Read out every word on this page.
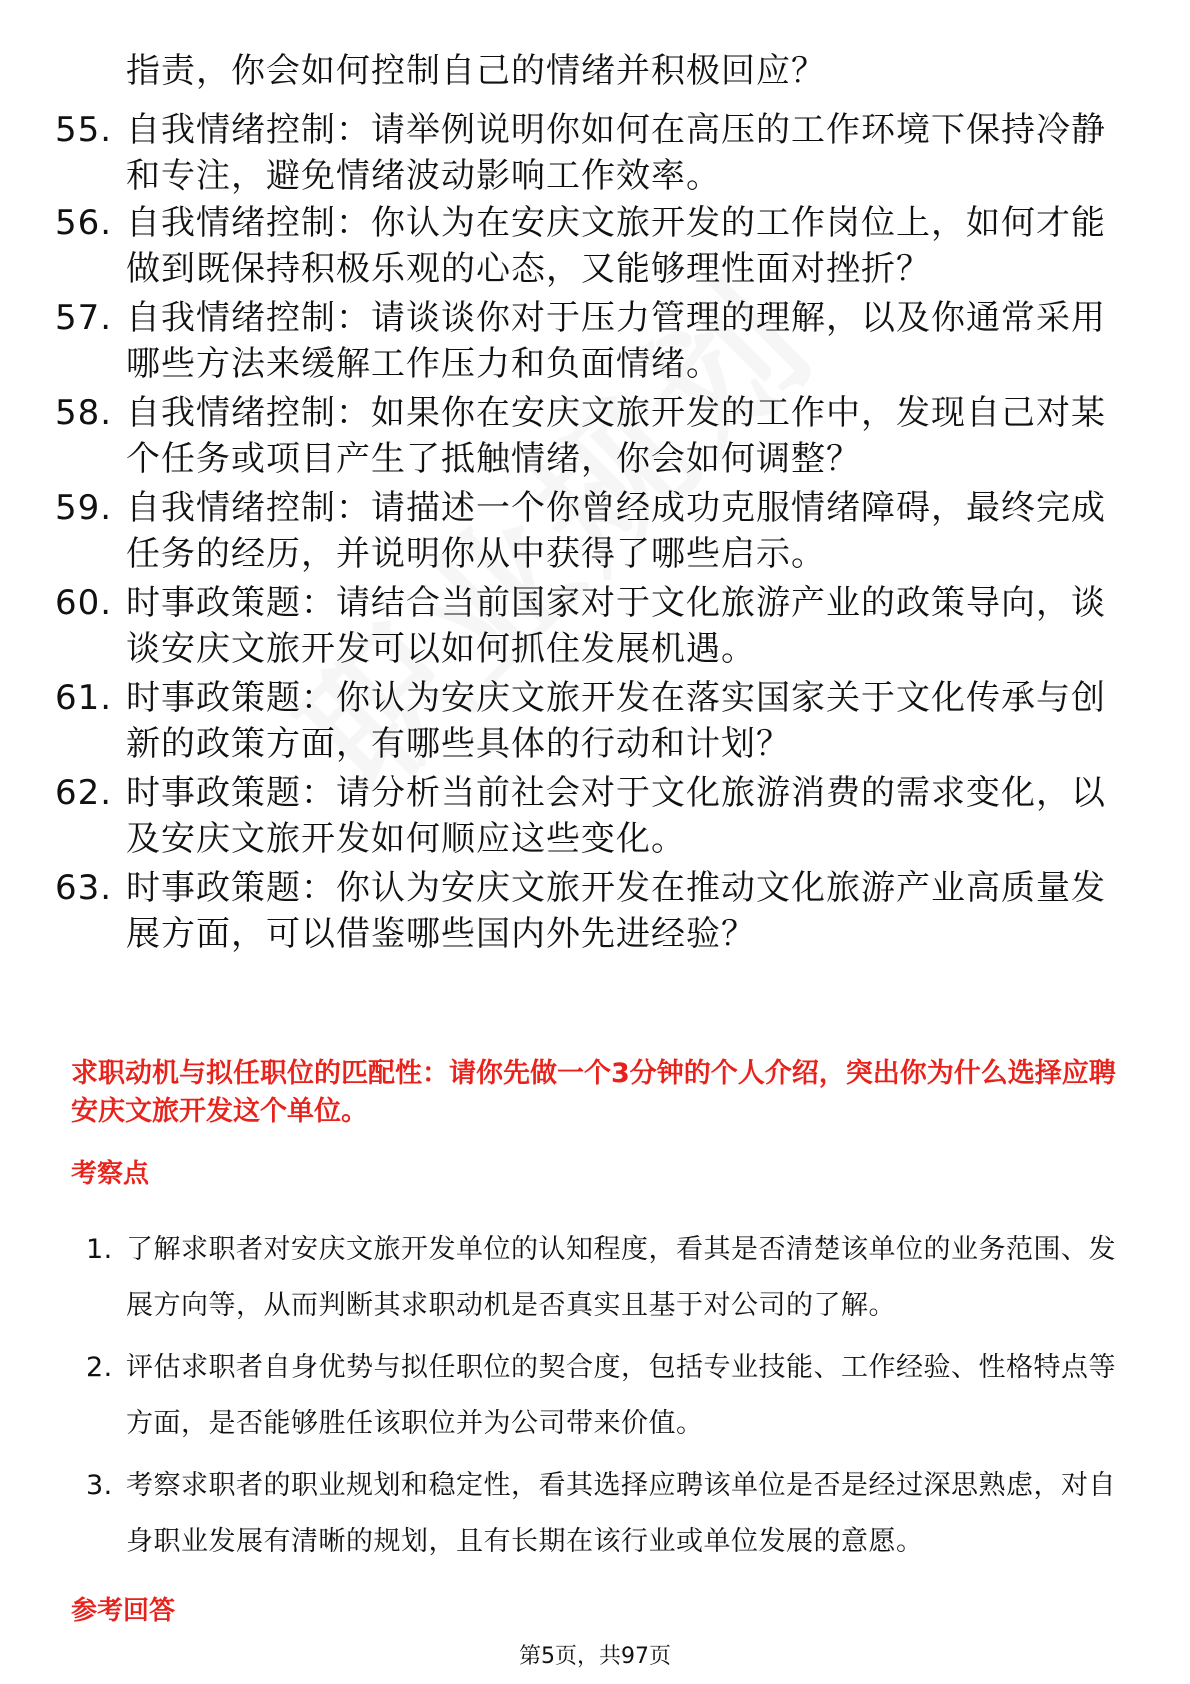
指责，你会如何控制自己的情绪并积极回应？
55. 自我情绪控制：请举例说明你如何在高压的工作环境下保持冷静和专注，避免情绪波动影响工作效率。
56. 自我情绪控制：你认为在安庆文旅开发的工作岗位上，如何才能做到既保持积极乐观的心态，又能够理性面对挫折？
57. 自我情绪控制：请谈谈你对于压力管理的理解，以及你通常采用哪些方法来缓解工作压力和负面情绪。
58. 自我情绪控制：如果你在安庆文旅开发的工作中，发现自己对某个任务或项目产生了抵触情绪，你会如何调整？
59. 自我情绪控制：请描述一个你曾经成功克服情绪障碍，最终完成任务的经历，并说明你从中获得了哪些启示。
60. 时事政策题：请结合当前国家对于文化旅游产业的政策导向，谈谈安庆文旅开发可以如何抓住发展机遇。
61. 时事政策题：你认为安庆文旅开发在落实国家关于文化传承与创新的政策方面，有哪些具体的行动和计划？
62. 时事政策题：请分析当前社会对于文化旅游消费的需求变化，以及安庆文旅开发如何顺应这些变化。
63. 时事政策题：你认为安庆文旅开发在推动文化旅游产业高质量发展方面，可以借鉴哪些国内外先进经验？
求职动机与拟任职位的匹配性：请你先做一个3分钟的个人介绍，突出你为什么选择应聘安庆文旅开发这个单位。
考察点
1. 了解求职者对安庆文旅开发单位的认知程度，看其是否清楚该单位的业务范围、发展方向等，从而判断其求职动机是否真实且基于对公司的了解。
2. 评估求职者自身优势与拟任职位的契合度，包括专业技能、工作经验、性格特点等方面，是否能够胜任该职位并为公司带来价值。
3. 考察求职者的职业规划和稳定性，看其选择应聘该单位是否是经过深思熟虑，对自身职业发展有清晰的规划，且有长期在该行业或单位发展的意愿。
参考回答
第5页，共97页
